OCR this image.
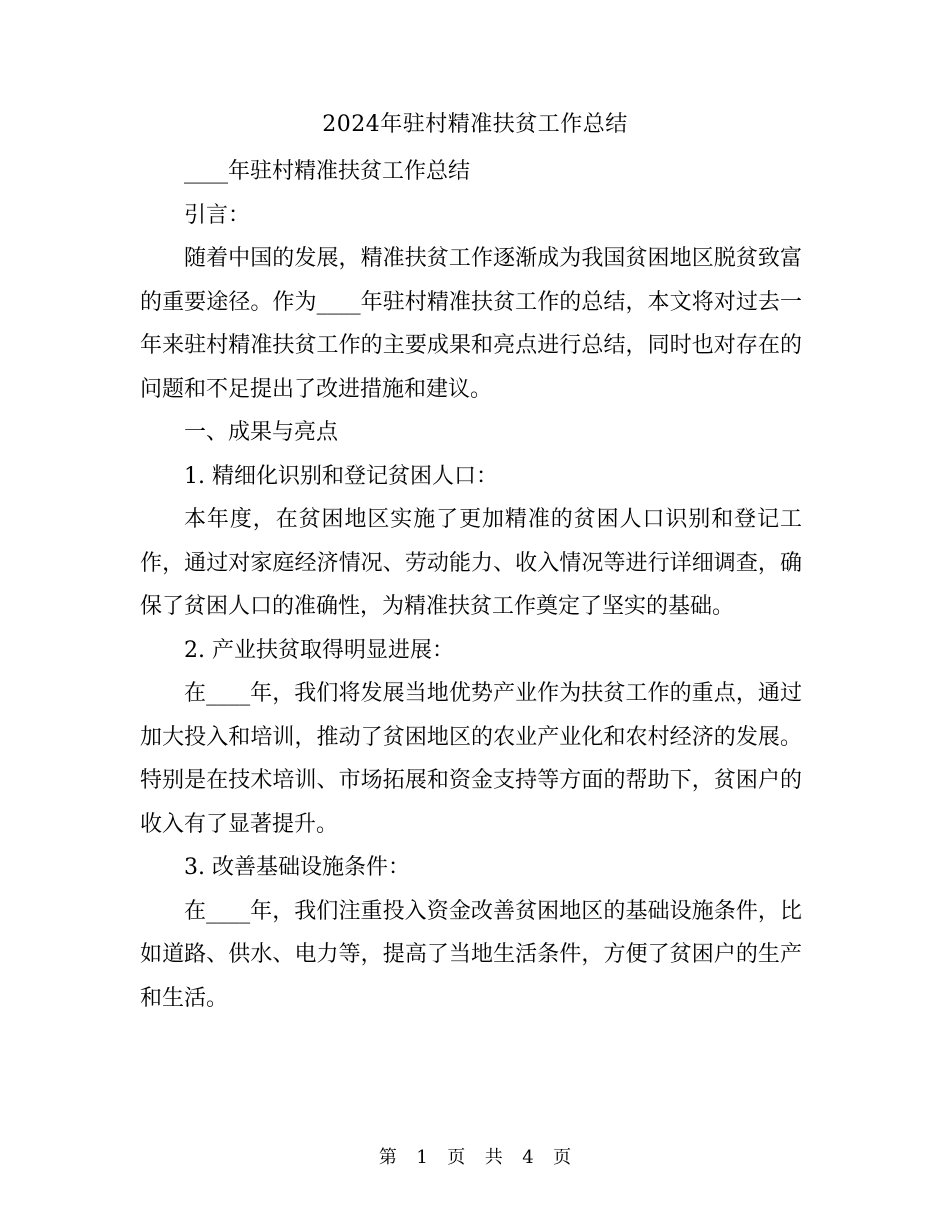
2024年驻村精准扶贫工作总结

____年驻村精准扶贫工作总结

引言：

随着中国的发展，精准扶贫工作逐渐成为我国贫困地区脱贫致富的重要途径。作为____年驻村精准扶贫工作的总结，本文将对过去一年来驻村精准扶贫工作的主要成果和亮点进行总结，同时也对存在的问题和不足提出了改进措施和建议。

一、成果与亮点

1. 精细化识别和登记贫困人口：

本年度，在贫困地区实施了更加精准的贫困人口识别和登记工作，通过对家庭经济情况、劳动能力、收入情况等进行详细调查，确保了贫困人口的准确性，为精准扶贫工作奠定了坚实的基础。

2. 产业扶贫取得明显进展：

在____年，我们将发展当地优势产业作为扶贫工作的重点，通过加大投入和培训，推动了贫困地区的农业产业化和农村经济的发展。特别是在技术培训、市场拓展和资金支持等方面的帮助下，贫困户的收入有了显著提升。

3. 改善基础设施条件：

在____年，我们注重投入资金改善贫困地区的基础设施条件，比如道路、供水、电力等，提高了当地生活条件，方便了贫困户的生产和生活。

第 1 页 共 4 页
